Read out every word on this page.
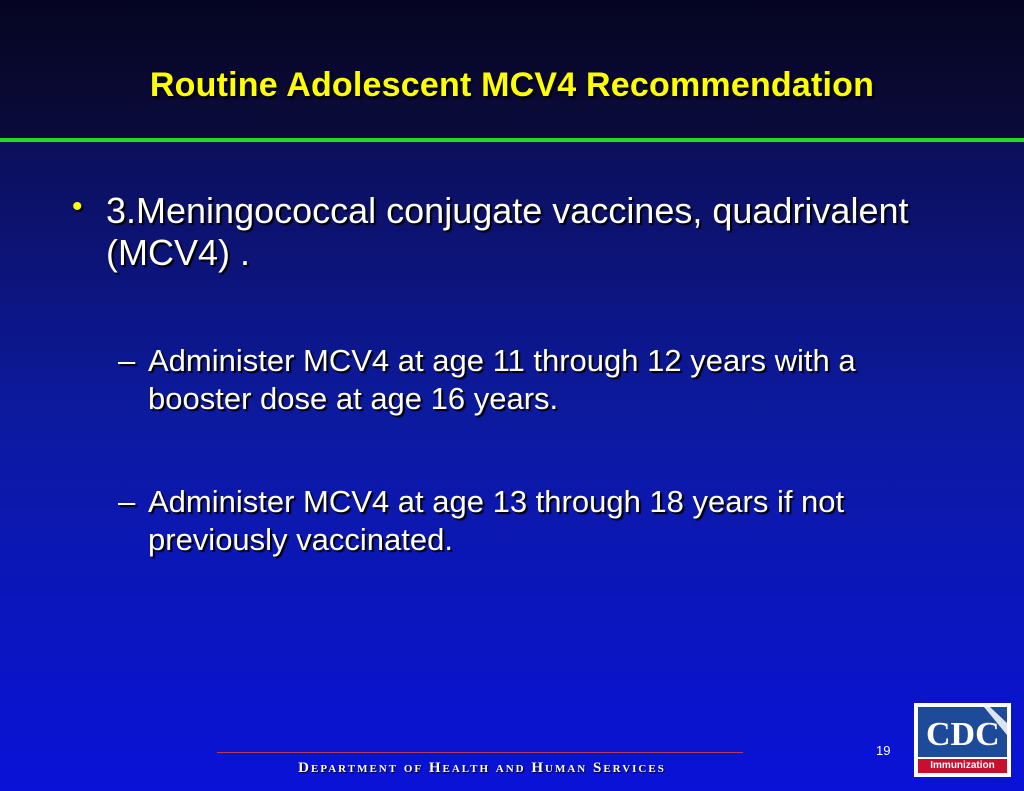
Routine Adolescent MCV4 Recommendation
• 3.Meningococcal conjugate vaccines, quadrivalent (MCV4) .
– Administer MCV4 at age 11 through 12 years with a booster dose at age 16 years.
– Administer MCV4 at age 13 through 18 years if not previously vaccinated.
Department of Health and Human Services
19 CDC
Immunization
